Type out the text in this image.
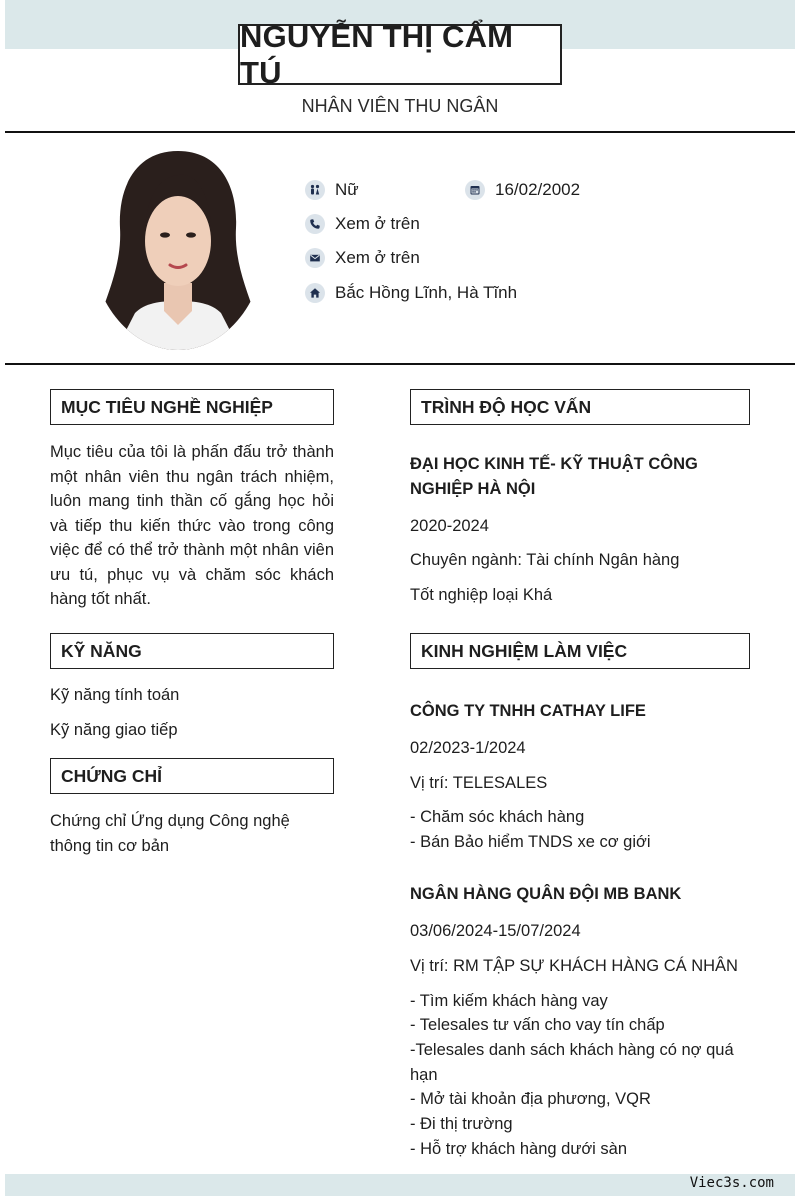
NGUYỄN THỊ CẨM TÚ
NHÂN VIÊN THU NGÂN
Nữ	16/02/2002
Xem ở trên
Xem ở trên
Bắc Hồng Lĩnh, Hà Tĩnh
MỤC TIÊU NGHỀ NGHIỆP
Mục tiêu của tôi là phấn đấu trở thành một nhân viên thu ngân trách nhiệm, luôn mang tinh thần cố gắng học hỏi và tiếp thu kiến thức vào trong công việc để có thể trở thành một nhân viên ưu tú, phục vụ và chăm sóc khách hàng tốt nhất.
KỸ NĂNG
Kỹ năng tính toán
Kỹ năng giao tiếp
CHỨNG CHỈ
Chứng chỉ Ứng dụng Công nghệ thông tin cơ bản
TRÌNH ĐỘ HỌC VẤN
ĐẠI HỌC KINH TẾ- KỸ THUẬT CÔNG NGHIỆP HÀ NỘI
2020-2024
Chuyên ngành: Tài chính Ngân hàng
Tốt nghiệp loại Khá
KINH NGHIỆM LÀM VIỆC
CÔNG TY TNHH CATHAY LIFE
02/2023-1/2024
Vị trí: TELESALES
- Chăm sóc khách hàng
- Bán Bảo hiểm TNDS xe cơ giới
NGÂN HÀNG QUÂN ĐỘI MB BANK
03/06/2024-15/07/2024
Vị trí: RM TẬP SỰ KHÁCH HÀNG CÁ NHÂN
- Tìm kiếm khách hàng vay
- Telesales tư vấn cho vay tín chấp
-Telesales danh sách khách hàng có nợ quá hạn
- Mở tài khoản địa phương, VQR
- Đi thị trường
- Hỗ trợ khách hàng dưới sàn
Viec3s.com
